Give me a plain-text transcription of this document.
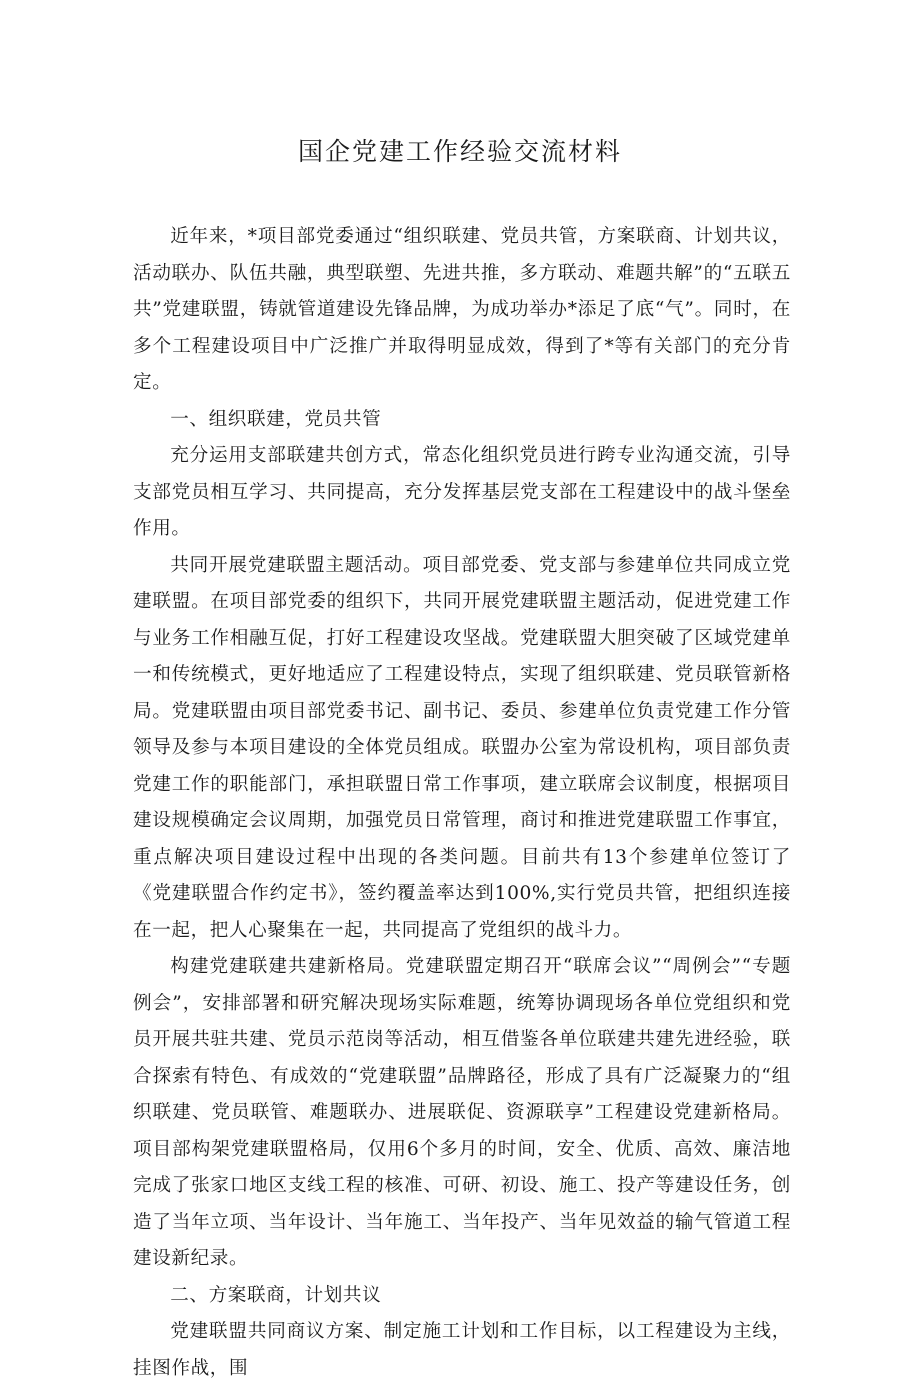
国企党建工作经验交流材料

近年来，*项目部党委通过“组织联建、党员共管，方案联商、计划共议，活动联办、队伍共融，典型联塑、先进共推，多方联动、难题共解”的“五联五共”党建联盟，铸就管道建设先锋品牌，为成功举办*添足了底“气”。同时，在多个工程建设项目中广泛推广并取得明显成效，得到了*等有关部门的充分肯定。

一、组织联建，党员共管

充分运用支部联建共创方式，常态化组织党员进行跨专业沟通交流，引导支部党员相互学习、共同提高，充分发挥基层党支部在工程建设中的战斗堡垒作用。

共同开展党建联盟主题活动。项目部党委、党支部与参建单位共同成立党建联盟。在项目部党委的组织下，共同开展党建联盟主题活动，促进党建工作与业务工作相融互促，打好工程建设攻坚战。党建联盟大胆突破了区域党建单一和传统模式，更好地适应了工程建设特点，实现了组织联建、党员联管新格局。党建联盟由项目部党委书记、副书记、委员、参建单位负责党建工作分管领导及参与本项目建设的全体党员组成。联盟办公室为常设机构，项目部负责党建工作的职能部门，承担联盟日常工作事项，建立联席会议制度，根据项目建设规模确定会议周期，加强党员日常管理，商讨和推进党建联盟工作事宜，重点解决项目建设过程中出现的各类问题。目前共有13个参建单位签订了《党建联盟合作约定书》，签约覆盖率达到100%,实行党员共管，把组织连接在一起，把人心聚集在一起，共同提高了党组织的战斗力。

构建党建联建共建新格局。党建联盟定期召开“联席会议”“周例会”“专题例会”，安排部署和研究解决现场实际难题，统筹协调现场各单位党组织和党员开展共驻共建、党员示范岗等活动，相互借鉴各单位联建共建先进经验，联合探索有特色、有成效的“党建联盟”品牌路径，形成了具有广泛凝聚力的“组织联建、党员联管、难题联办、进展联促、资源联享”工程建设党建新格局。项目部构架党建联盟格局，仅用6个多月的时间，安全、优质、高效、廉洁地完成了张家口地区支线工程的核准、可研、初设、施工、投产等建设任务，创造了当年立项、当年设计、当年施工、当年投产、当年见效益的输气管道工程建设新纪录。

二、方案联商，计划共议

党建联盟共同商议方案、制定施工计划和工作目标，以工程建设为主线，挂图作战，围
